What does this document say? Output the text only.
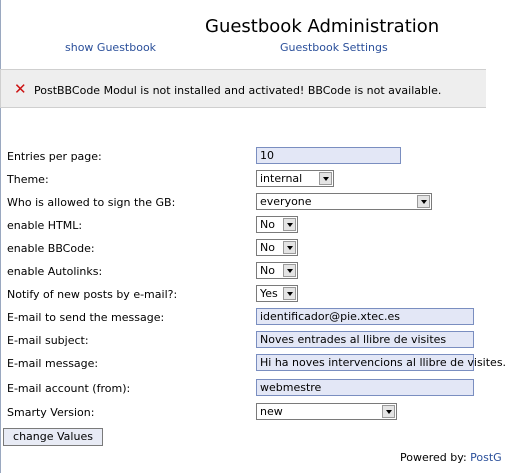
Guestbook Administration
show Guestbook	Guestbook Settings
✕ PostBBCode Modul is not installed and activated! BBCode is not available.
Entries per page:	10
Theme:	internal
Who is allowed to sign the GB:	everyone
enable HTML:	No
enable BBCode:	No
enable Autolinks:	No
Notify of new posts by e-mail?:	Yes
E-mail to send the message:	identificador@pie.xtec.es
E-mail subject:	Noves entrades al llibre de visites
E-mail message:	Hi ha noves intervencions al llibre de visites.
E-mail account (from):	webmestre
Smarty Version:	new
change Values
Powered by: PostG
